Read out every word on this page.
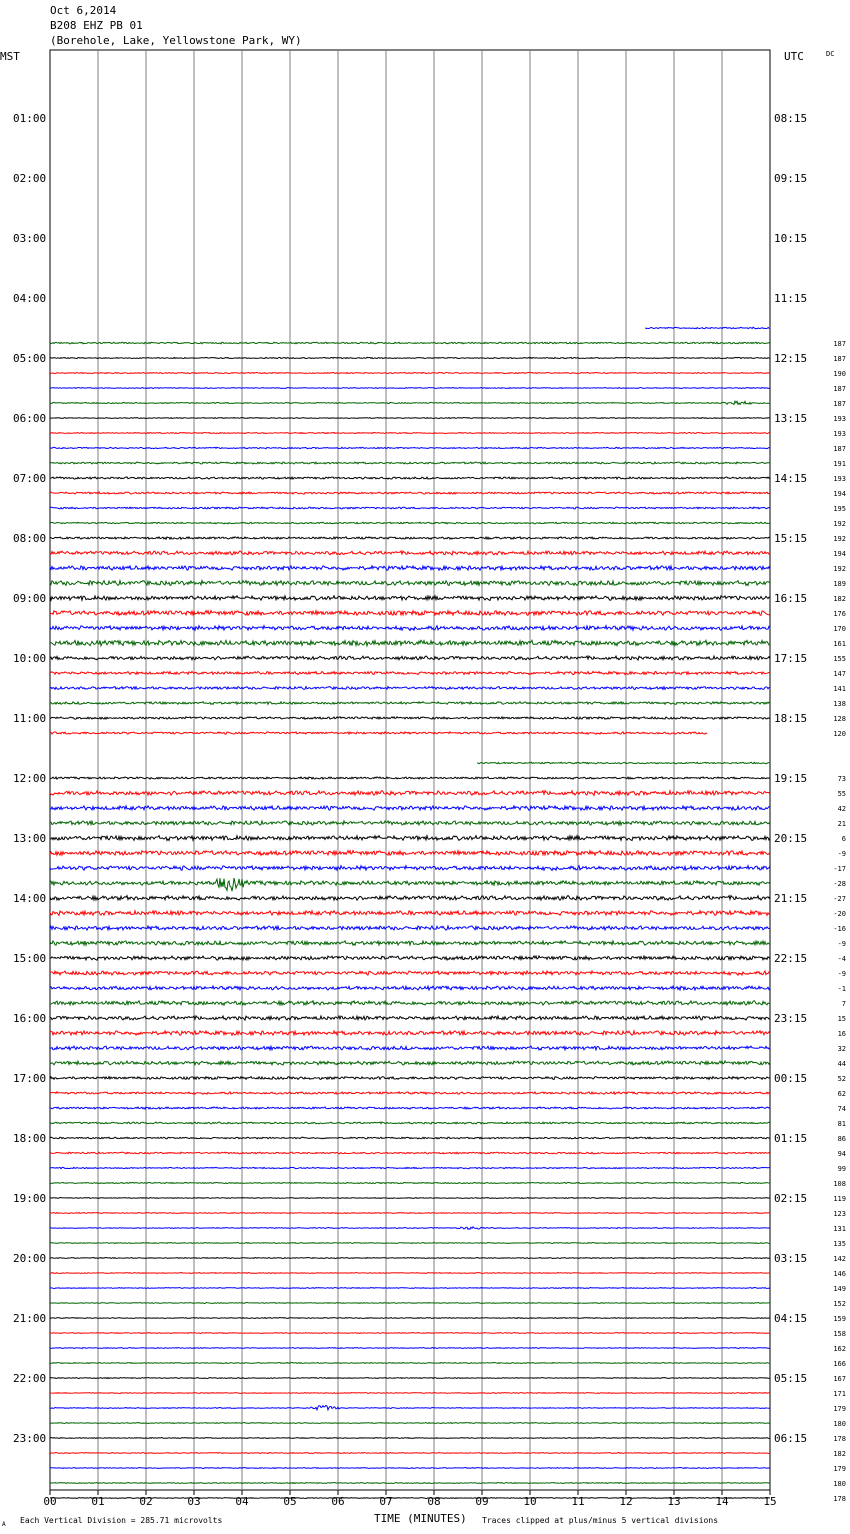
Oct 6,2014
B208 EHZ PB 01
(Borehole, Lake, Yellowstone Park, WY)
00	01	02	03	04	05	06	07	08	09	10	11	12	13	14	15
MST	UTC	DC
TIME (MINUTES)
Each Vertical Division = 285.71 microvolts	Traces clipped at plus/minus 5 vertical divisions
A
01:00
02:00
03:00
04:00
05:00
06:00
07:00
08:00
09:00
10:00
11:00
12:00
13:00
14:00
15:00
16:00
17:00
18:00
19:00
20:00
21:00
22:00
23:00
08:15
09:15
10:15
11:15
12:15
13:15
14:15
15:15
16:15
17:15
18:15
19:15
20:15
21:15
22:15
23:15
00:15
01:15
02:15
03:15
04:15
05:15
06:15
187
187
190
187
187
193
193
187
191
193
194
195
192
192
194
192
189
182
176
170
161
155
147
141
138
128
120
73
55
42
21
6
-9
-17
-28
-27
-20
-16
-9
-4
-9
-1
7
15
16
32
44
52
62
74
81
86
94
99
108
119
123
131
135
142
146
149
152
159
158
162
166
167
171
179
180
178
182
179
180
178
